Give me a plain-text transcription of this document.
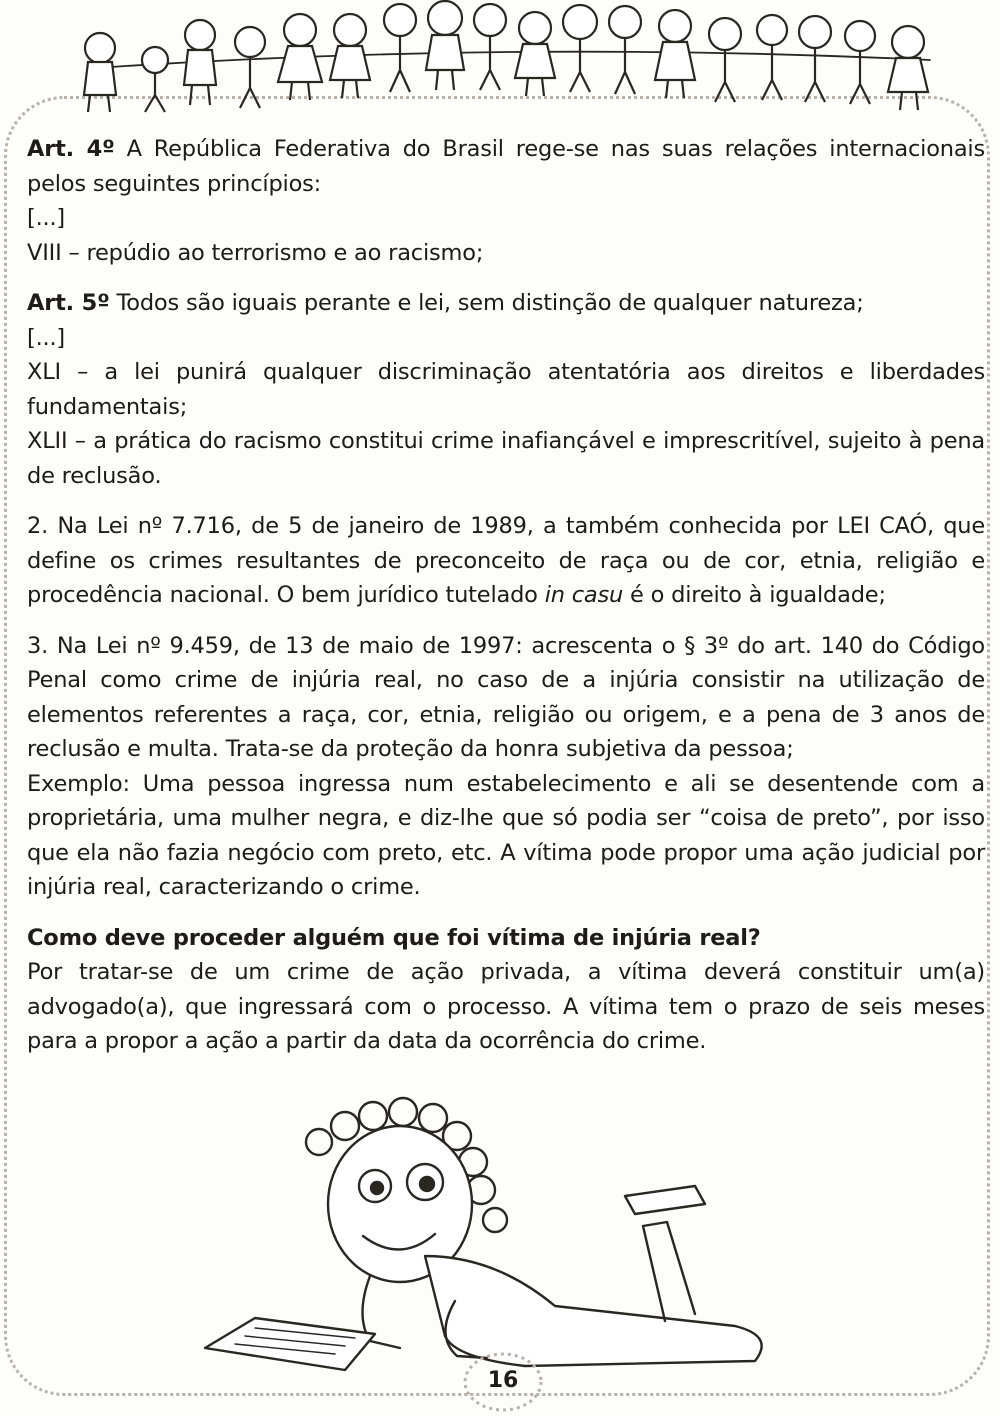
Art. 4º A República Federativa do Brasil rege-se nas suas relações internacionais pelos seguintes princípios:

[...]

VIII – repúdio ao terrorismo e ao racismo;

Art. 5º Todos são iguais perante e lei, sem distinção de qualquer natureza;

[...]

XLI – a lei punirá qualquer discriminação atentatória aos direitos e liberdades fundamentais;

XLII – a prática do racismo constitui crime inafiançável e imprescritível, sujeito à pena de reclusão.

2. Na Lei nº 7.716, de 5 de janeiro de 1989, a também conhecida por LEI CAÓ, que define os crimes resultantes de preconceito de raça ou de cor, etnia, religião e procedência nacional. O bem jurídico tutelado in casu é o direito à igualdade;

3. Na Lei nº 9.459, de 13 de maio de 1997: acrescenta o § 3º do art. 140 do Código Penal como crime de injúria real, no caso de a injúria consistir na utilização de elementos referentes a raça, cor, etnia, religião ou origem, e a pena de 3 anos de reclusão e multa. Trata-se da proteção da honra subjetiva da pessoa;

Exemplo: Uma pessoa ingressa num estabelecimento e ali se desentende com a proprietária, uma mulher negra, e diz-lhe que só podia ser “coisa de preto”, por isso que ela não fazia negócio com preto, etc. A vítima pode propor uma ação judicial por injúria real, caracterizando o crime.

Como deve proceder alguém que foi vítima de injúria real?

Por tratar-se de um crime de ação privada, a vítima deverá constituir um(a) advogado(a), que ingressará com o processo. A vítima tem o prazo de seis meses para a propor a ação a partir da data da ocorrência do crime.

16
